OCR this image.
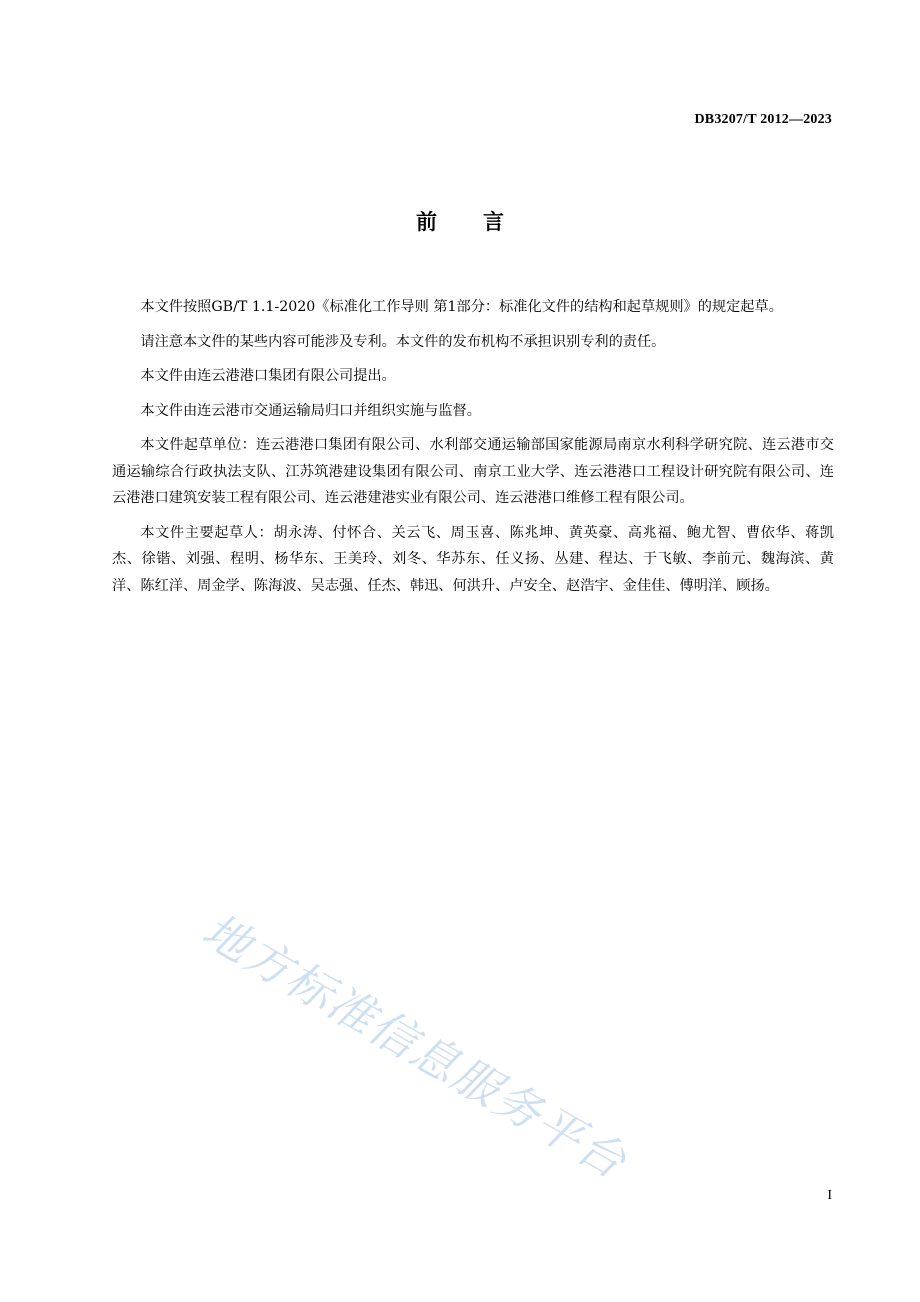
DB3207/T 2012—2023
前 言

本文件按照GB/T 1.1-2020《标准化工作导则 第1部分：标准化文件的结构和起草规则》的规定起草。

请注意本文件的某些内容可能涉及专利。本文件的发布机构不承担识别专利的责任。

本文件由连云港港口集团有限公司提出。

本文件由连云港市交通运输局归口并组织实施与监督。

本文件起草单位：连云港港口集团有限公司、水利部交通运输部国家能源局南京水利科学研究院、连云港市交通运输综合行政执法支队、江苏筑港建设集团有限公司、南京工业大学、连云港港口工程设计研究院有限公司、连云港港口建筑安装工程有限公司、连云港建港实业有限公司、连云港港口维修工程有限公司。

本文件主要起草人：胡永涛、付怀合、关云飞、周玉喜、陈兆坤、黄英豪、高兆福、鲍尤智、曹依华、蒋凯杰、徐锴、刘强、程明、杨华东、王美玲、刘冬、华苏东、任义扬、丛建、程达、于飞敏、李前元、魏海滨、黄洋、陈红洋、周金学、陈海波、吴志强、任杰、韩迅、何洪升、卢安全、赵浩宇、金佳佳、傅明洋、顾扬。

地方标准信息服务平台
I
